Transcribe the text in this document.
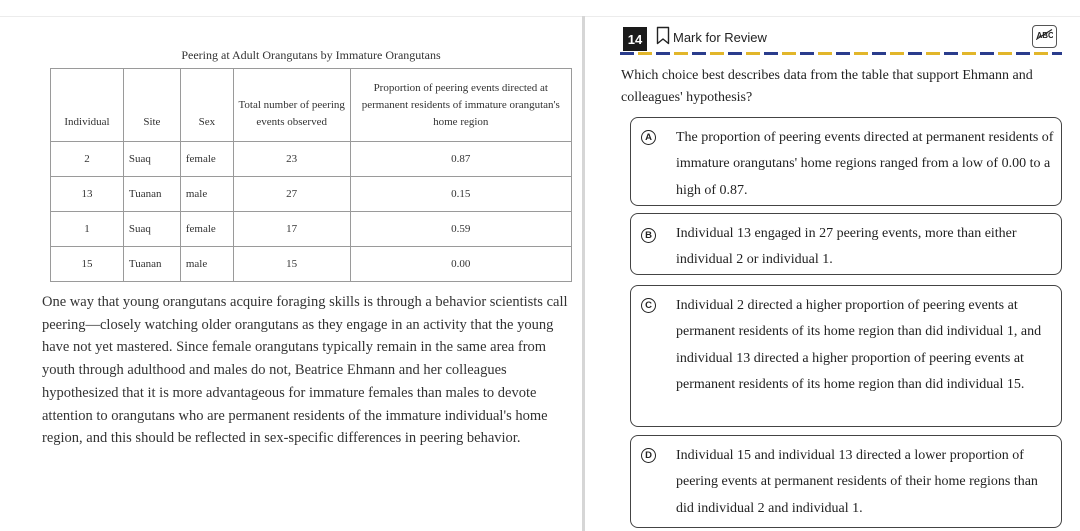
Peering at Adult Orangutans by Immature Orangutans
Individual	Site	Sex	Total number of peering events observed	Proportion of peering events directed at permanent residents of immature orangutan's home region
2	Suaq	female	23	0.87
13	Tuanan	male	27	0.15
1	Suaq	female	17	0.59
15	Tuanan	male	15	0.00

One way that young orangutans acquire foraging skills is through a behavior scientists call peering—closely watching older orangutans as they engage in an activity that the young have not yet mastered. Since female orangutans typically remain in the same area from youth through adulthood and males do not, Beatrice Ehmann and her colleagues hypothesized that it is more advantageous for immature females than males to devote attention to orangutans who are permanent residents of the immature individual's home region, and this should be reflected in sex-specific differences in peering behavior.

14	Mark for Review	ABC

Which choice best describes data from the table that support Ehmann and colleagues' hypothesis?

A The proportion of peering events directed at permanent residents of immature orangutans' home regions ranged from a low of 0.00 to a high of 0.87.
B Individual 13 engaged in 27 peering events, more than either individual 2 or individual 1.
C Individual 2 directed a higher proportion of peering events at permanent residents of its home region than did individual 1, and individual 13 directed a higher proportion of peering events at permanent residents of its home region than did individual 15.
D Individual 15 and individual 13 directed a lower proportion of peering events at permanent residents of their home regions than did individual 2 and individual 1.
